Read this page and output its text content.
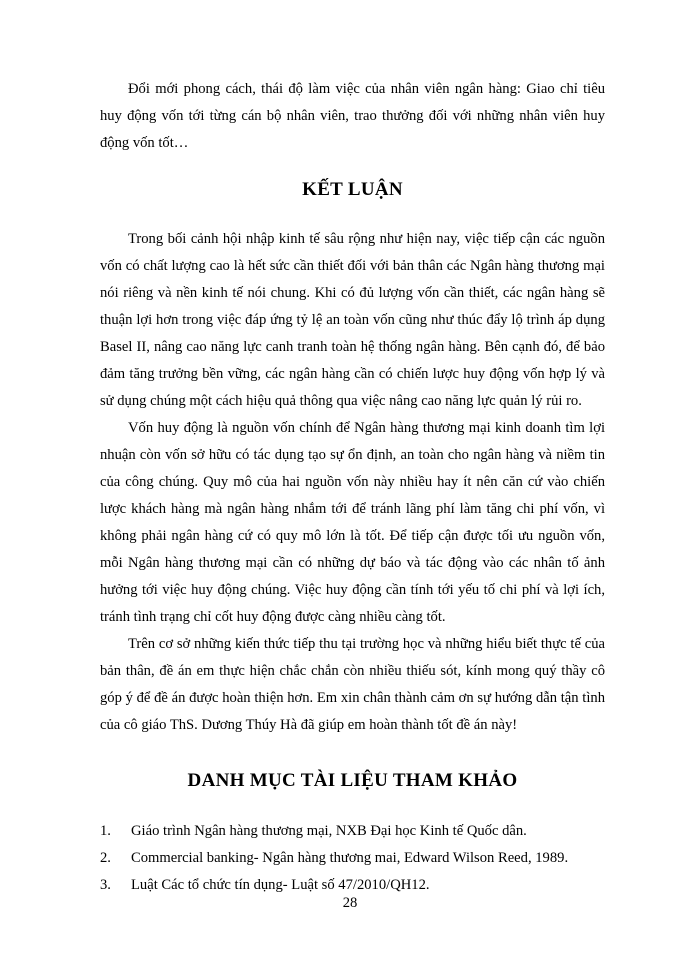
Đổi mới phong cách, thái độ làm việc của nhân viên ngân hàng: Giao chỉ tiêu huy động vốn tới từng cán bộ nhân viên, trao thưởng đối với những nhân viên huy động vốn tốt…

KẾT LUẬN

Trong bối cảnh hội nhập kinh tế sâu rộng như hiện nay, việc tiếp cận các nguồn vốn có chất lượng cao là hết sức cần thiết đối với bản thân các Ngân hàng thương mại nói riêng và nền kinh tế nói chung. Khi có đủ lượng vốn cần thiết, các ngân hàng sẽ thuận lợi hơn trong việc đáp ứng tỷ lệ an toàn vốn cũng như thúc đẩy lộ trình áp dụng Basel II, nâng cao năng lực canh tranh toàn hệ thống ngân hàng. Bên cạnh đó, để bảo đảm tăng trưởng bền vững, các ngân hàng cần có chiến lược huy động vốn hợp lý và sử dụng chúng một cách hiệu quả thông qua việc nâng cao năng lực quản lý rủi ro.

Vốn huy động là nguồn vốn chính để Ngân hàng thương mại kinh doanh tìm lợi nhuận còn vốn sở hữu có tác dụng tạo sự ổn định, an toàn cho ngân hàng và niềm tin của công chúng. Quy mô của hai nguồn vốn này nhiều hay ít nên căn cứ vào chiến lược khách hàng mà ngân hàng nhắm tới để tránh lãng phí làm tăng chi phí vốn, vì không phải ngân hàng cứ có quy mô lớn là tốt. Để tiếp cận được tối ưu nguồn vốn, mỗi Ngân hàng thương mại cần có những dự báo và tác động vào các nhân tố ảnh hưởng tới việc huy động chúng. Việc huy động cần tính tới yếu tố chi phí và lợi ích, tránh tình trạng chỉ cốt huy động được càng nhiều càng tốt.

Trên cơ sở những kiến thức tiếp thu tại trường học và những hiểu biết thực tế của bản thân, đề án em thực hiện chắc chắn còn nhiều thiếu sót, kính mong quý thầy cô góp ý để đề án được hoàn thiện hơn. Em xin chân thành cảm ơn sự hướng dẫn tận tình của cô giáo ThS. Dương Thúy Hà đã giúp em hoàn thành tốt đề án này!

DANH MỤC TÀI LIỆU THAM KHẢO
1.	Giáo trình Ngân hàng thương mại, NXB Đại học Kinh tế Quốc dân.
2.	Commercial banking- Ngân hàng thương mai, Edward Wilson Reed, 1989.
3.	Luật Các tổ chức tín dụng- Luật số 47/2010/QH12.
28
